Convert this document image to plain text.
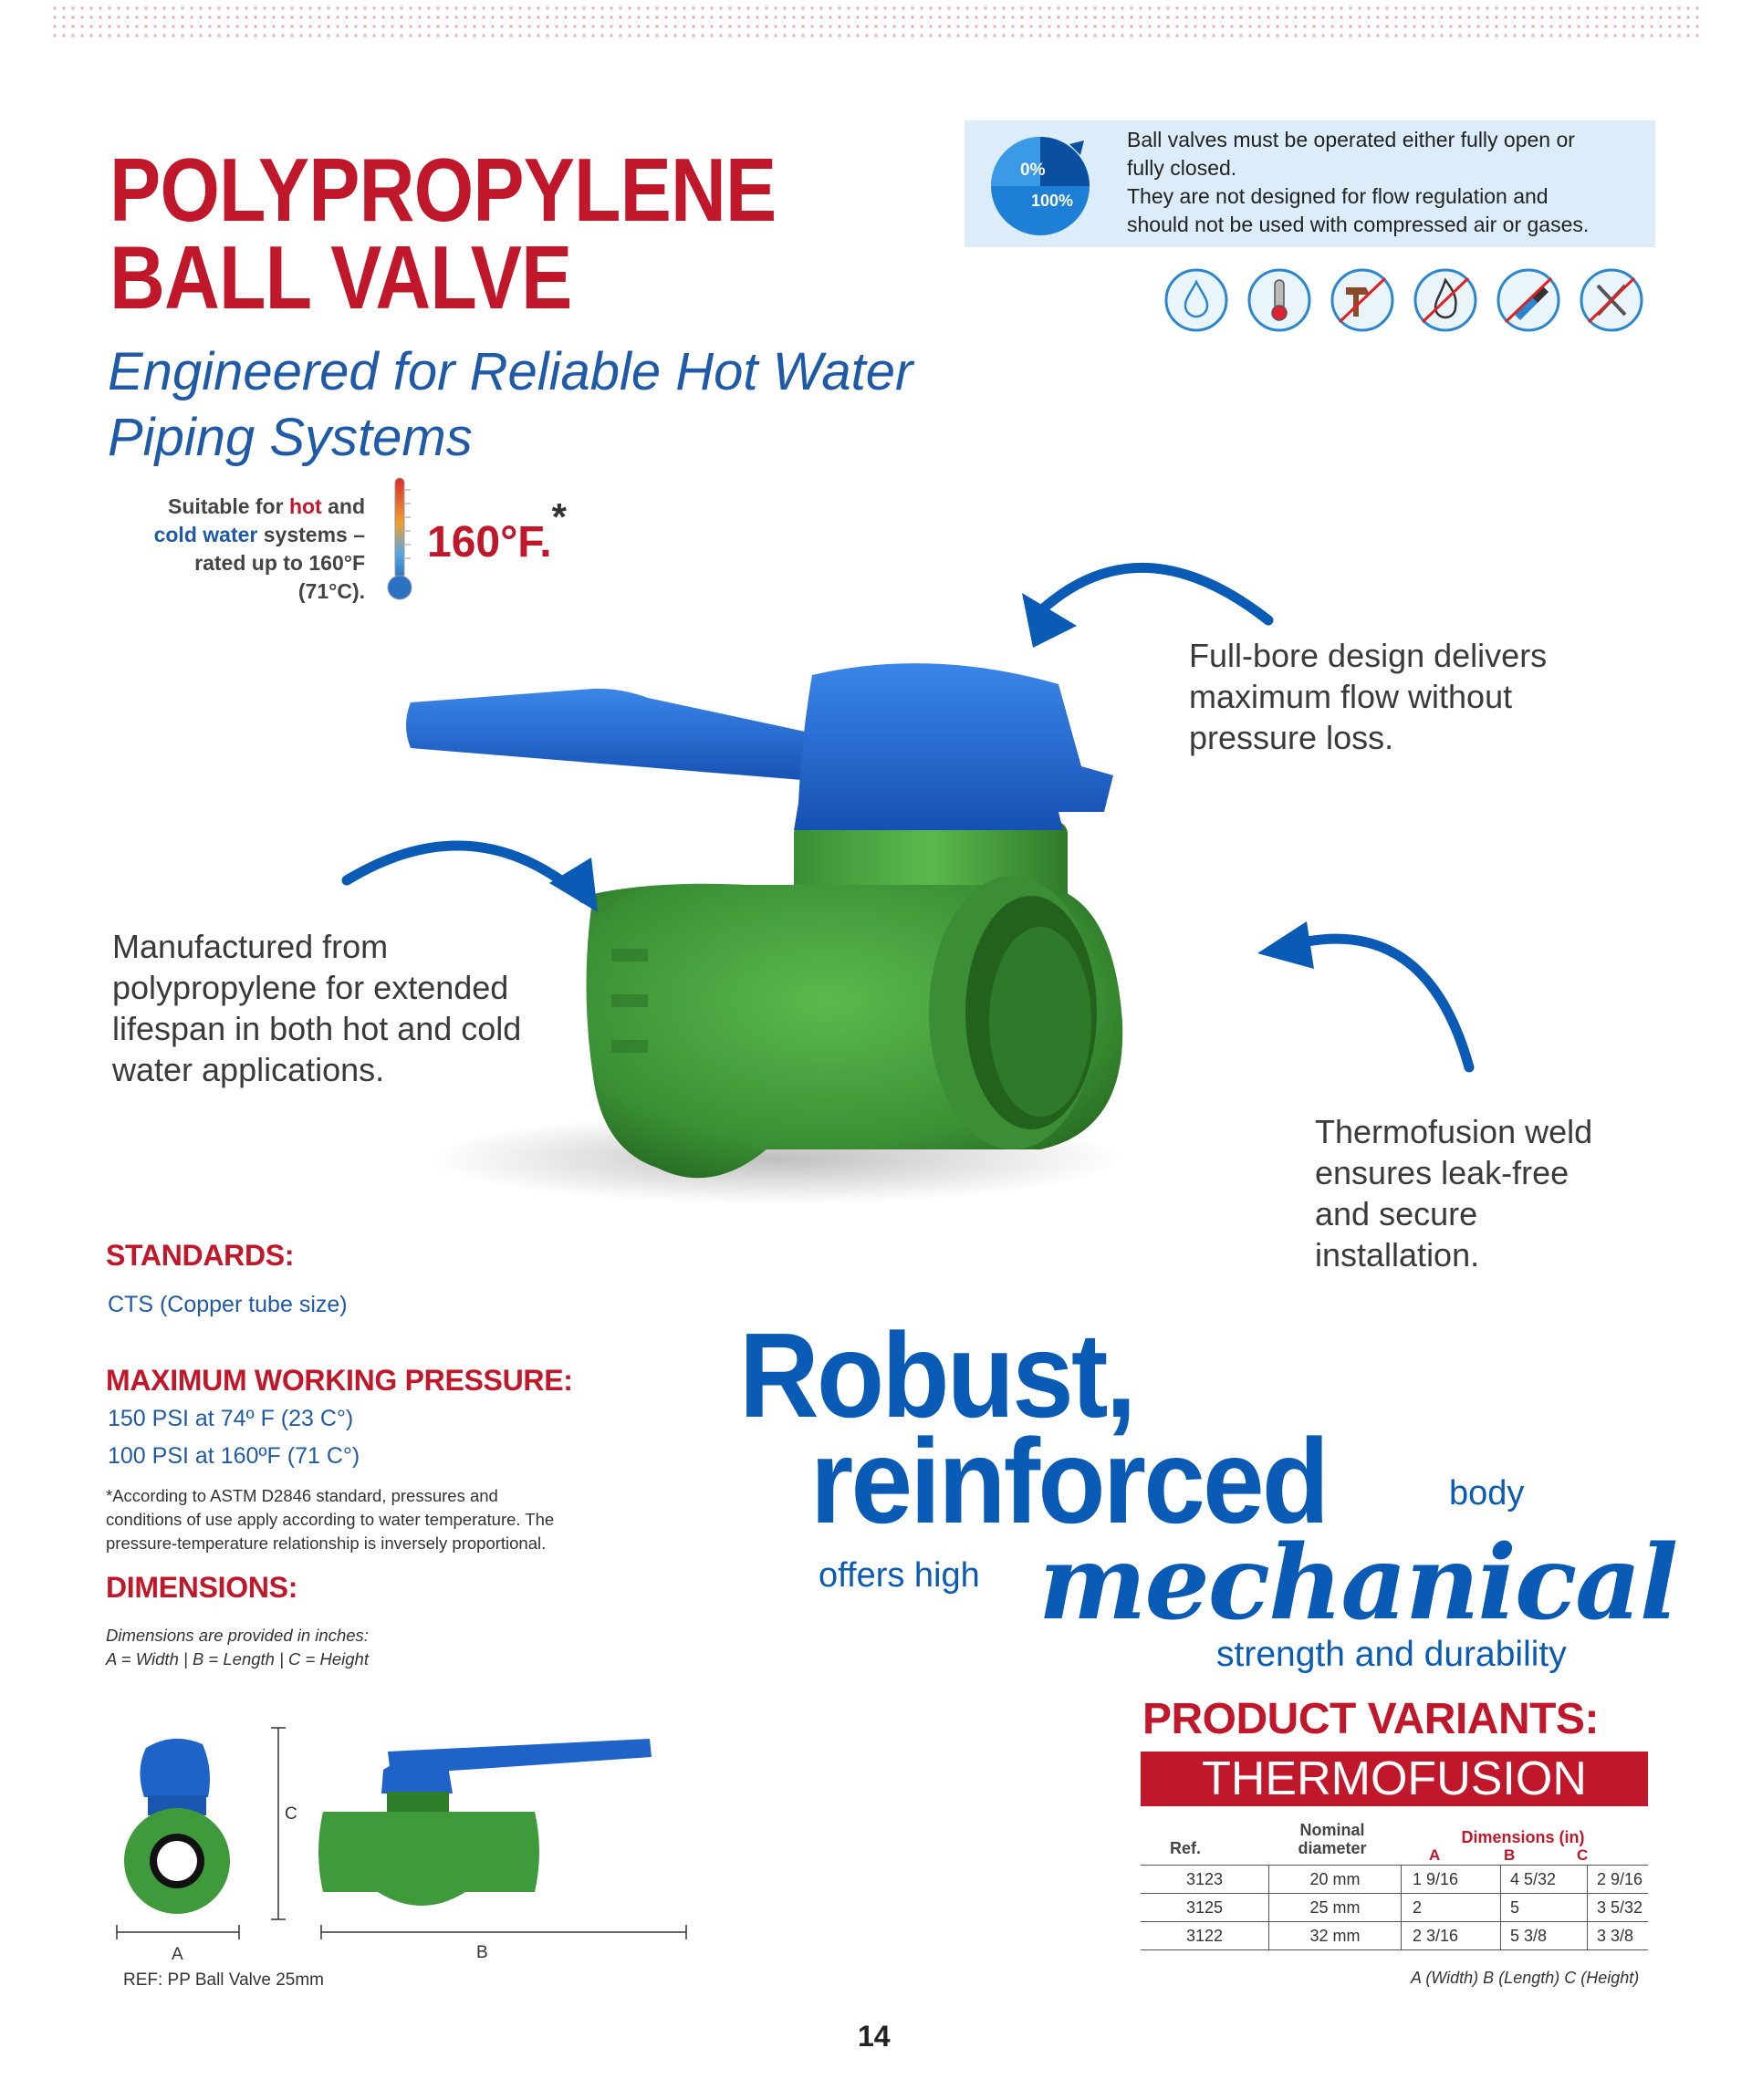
POLYPROPYLENE
BALL VALVE
Engineered for Reliable Hot Water
Piping Systems
Suitable for hot and
cold water systems –
rated up to 160°F
(71°C).
160°F.*
0%
100%
Ball valves must be operated either fully open or
fully closed.
They are not designed for flow regulation and
should not be used with compressed air or gases.
Full-bore design delivers
maximum flow without
pressure loss.
Manufactured from
polypropylene for extended
lifespan in both hot and cold
water applications.
Thermofusion weld
ensures leak-free
and secure
installation.
STANDARDS:
CTS (Copper tube size)
MAXIMUM WORKING PRESSURE:
150 PSI at 74º F (23 C°)
100 PSI at 160ºF (71 C°)
*According to ASTM D2846 standard, pressures and
conditions of use apply according to water temperature. The
pressure-temperature relationship is inversely proportional.
DIMENSIONS:
Dimensions are provided in inches:
A = Width | B = Length | C = Height
A
C
B
REF: PP Ball Valve 25mm
Robust,
reinforced	body
offers high mechanical
strength and durability
PRODUCT VARIANTS:
THERMOFUSION
Ref.
Nominal
diameter
Dimensions (in)
A	B	C
3123	20 mm	1 9/16	4 5/32	2 9/16
3125	25 mm	2	5	3 5/32
3122	32 mm	2 3/16	5 3/8	3 3/8
A (Width) B (Length) C (Height)
14
